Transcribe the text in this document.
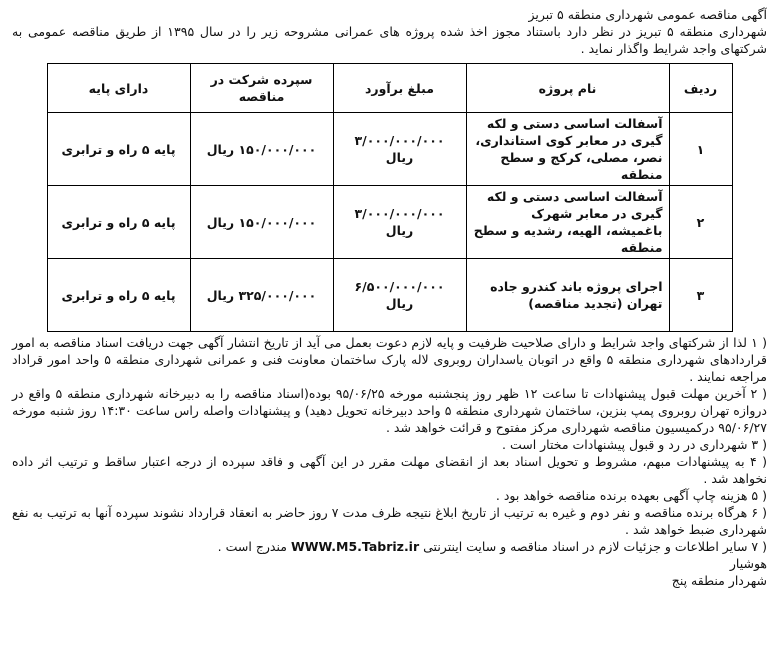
آگهی مناقصه عمومی شهرداری منطقه ۵ تبریز

شهرداری منطقه ۵ تبریز در نظر دارد باستناد مجوز اخذ شده پروژه های عمرانی مشروحه زیر را در سال ۱۳۹۵ از طریق مناقصه عمومی به شرکتهای واجد شرایط واگذار نماید .

ردیف	نام پروژه	مبلغ برآورد	سپرده شرکت در مناقصه	دارای پایه
۱	آسفالت اساسی دستی و لکه گیری در معابر کوی استانداری، نصر، مصلی، کرکج و سطح منطقه	۳/۰۰۰/۰۰۰/۰۰۰ ریال	۱۵۰/۰۰۰/۰۰۰ ریال	پایه ۵ راه و ترابری
۲	آسفالت اساسی دستی و لکه گیری در معابر شهرک باغمیشه، الهیه، رشدیه و سطح منطقه	۳/۰۰۰/۰۰۰/۰۰۰ ریال	۱۵۰/۰۰۰/۰۰۰ ریال	پایه ۵ راه و ترابری
۳	اجرای پروژه باند کندرو جاده تهران (تجدید مناقصه)	۶/۵۰۰/۰۰۰/۰۰۰ ریال	۳۲۵/۰۰۰/۰۰۰ ریال	پایه ۵ راه و ترابری

( ۱ لذا از شرکتهای واجد شرایط و دارای صلاحیت ظرفیت و پایه لازم دعوت بعمل می آید از تاریخ انتشار آگهی جهت دریافت اسناد مناقصه به امور قراردادهای شهرداری منطقه ۵ واقع در اتوبان یاسداران روبروی لاله پارک ساختمان معاونت فنی و عمرانی شهرداری منطقه ۵ واحد امور قراداد مراجعه نمایند .

( ۲ آخرین مهلت قبول پیشنهادات تا ساعت ۱۲ ظهر روز پنجشنبه مورخه ۹۵/۰۶/۲۵ بوده(اسناد مناقصه را به دبیرخانه شهرداری منطقه ۵ واقع در دروازه تهران روبروی پمپ بنزین، ساختمان شهرداری منطقه ۵ واحد دبیرخانه تحویل دهید) و پیشنهادات واصله راس ساعت ۱۴:۳۰ روز شنبه مورخه ۹۵/۰۶/۲۷ درکمیسیون مناقصه شهرداری مرکز مفتوح و قرائت خواهد شد .

( ۳ شهرداری در رد و قبول پیشنهادات مختار است .

( ۴ به پیشنهادات مبهم، مشروط و تحویل اسناد بعد از انقضای مهلت مقرر در این آگهی و فاقد سپرده از درجه اعتبار ساقط و ترتیب اثر داده نخواهد شد .

( ۵ هزینه چاپ آگهی بعهده برنده مناقصه خواهد بود .

( ۶ هرگاه برنده مناقصه و نفر دوم و غیره به ترتیب از تاریخ ابلاغ نتیجه ظرف مدت ۷ روز حاضر به انعقاد قرارداد نشوند سپرده آنها به ترتیب به نفع شهرداری ضبط خواهد شد .

( ۷ سایر اطلاعات و جزئیات لازم در اسناد مناقصه و سایت اینترنتی WWW.M5.Tabriz.ir مندرج است .

هوشیار

شهردار منطقه پنج
